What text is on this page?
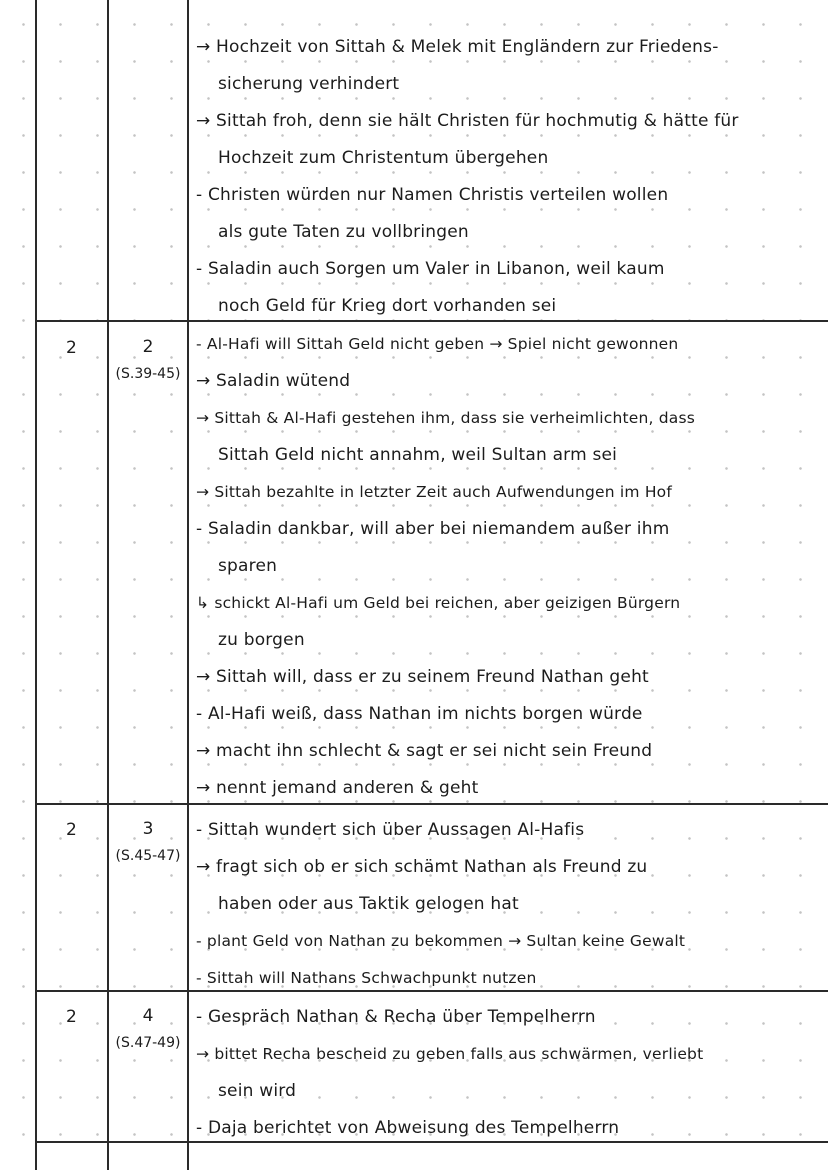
→ Hochzeit von Sittah & Melek mit Engländern zur Friedens-
sicherung verhindert
→ Sittah froh, denn sie hält Christen für hochmutig & hätte für
Hochzeit zum Christentum übergehen
- Christen würden nur Namen Christis verteilen wollen
als gute Taten zu vollbringen
- Saladin auch Sorgen um Valer in Libanon, weil kaum
noch Geld für Krieg dort vorhanden sei
2	2
(S.39-45)
- Al-Hafi will Sittah Geld nicht geben → Spiel nicht gewonnen
→ Saladin wütend
→ Sittah & Al-Hafi gestehen ihm, dass sie verheimlichten, dass
Sittah Geld nicht annahm, weil Sultan arm sei
→ Sittah bezahlte in letzter Zeit auch Aufwendungen im Hof
- Saladin dankbar, will aber bei niemandem außer ihm
sparen
↳ schickt Al-Hafi um Geld bei reichen, aber geizigen Bürgern
zu borgen
→ Sittah will, dass er zu seinem Freund Nathan geht
- Al-Hafi weiß, dass Nathan im nichts borgen würde
→ macht ihn schlecht & sagt er sei nicht sein Freund
→ nennt jemand anderen & geht
2	3
(S.45-47)
- Sittah wundert sich über Aussagen Al-Hafis
→ fragt sich ob er sich schämt Nathan als Freund zu
haben oder aus Taktik gelogen hat
- plant Geld von Nathan zu bekommen → Sultan keine Gewalt
- Sittah will Nathans Schwachpunkt nutzen
2	4
(S.47-49)
- Gespräch Nathan & Recha über Tempelherrn
→ bittet Recha bescheid zu geben falls aus schwärmen, verliebt
sein wird
- Daja berichtet von Abweisung des Tempelherrn
